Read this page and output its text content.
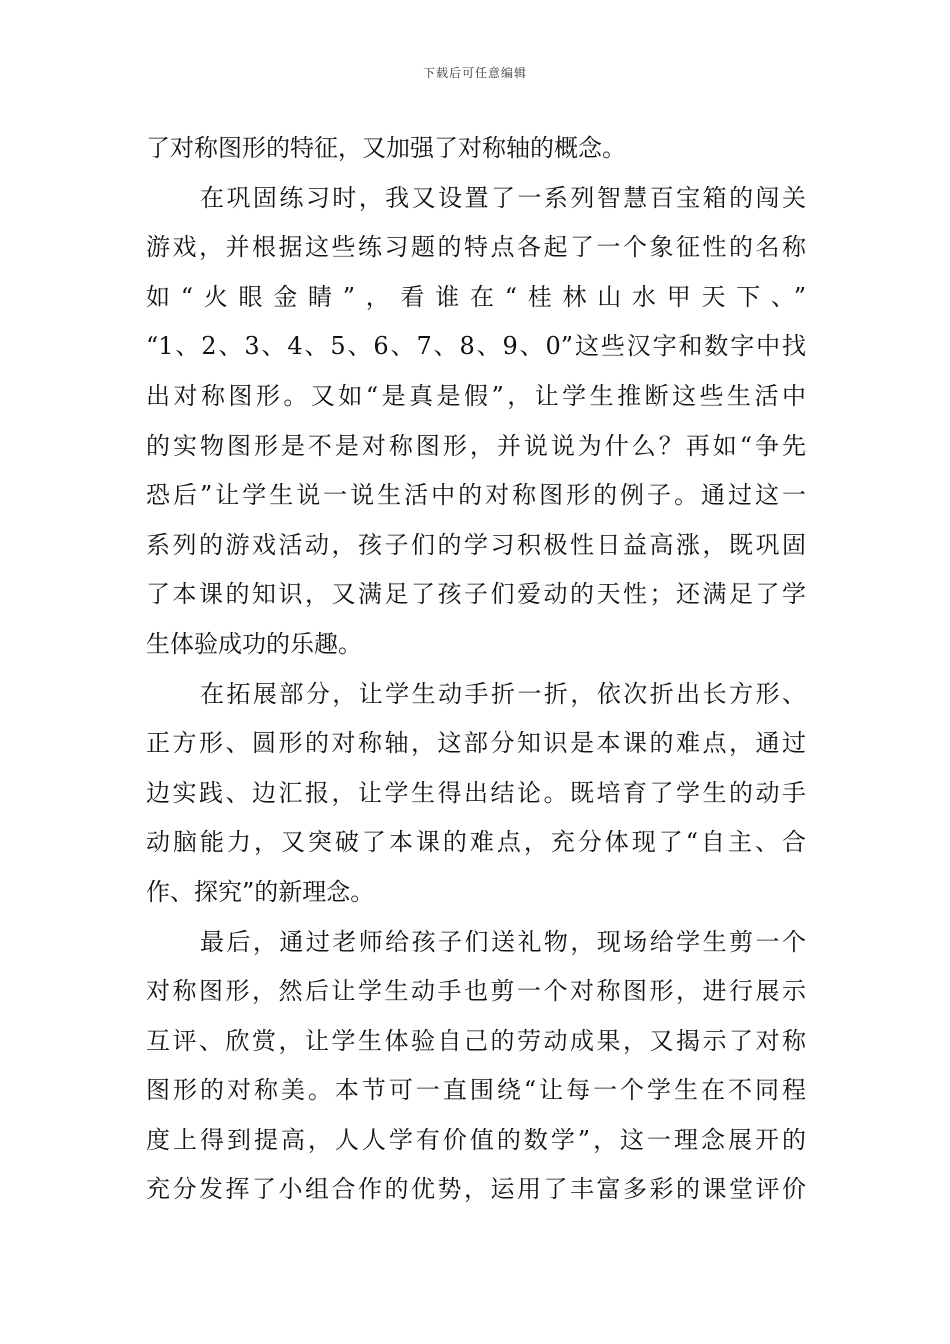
下载后可任意编辑
了对称图形的特征，又加强了对称轴的概念。
在巩固练习时，我又设置了一系列智慧百宝箱的闯关
游戏，并根据这些练习题的特点各起了一个象征性的名称
如“火眼金睛”，看谁在“桂林山水甲天下、”
“1、2、3、4、5、6、7、8、9、0”这些汉字和数字中找
出对称图形。又如“是真是假”，让学生推断这些生活中
的实物图形是不是对称图形，并说说为什么？再如“争先
恐后”让学生说一说生活中的对称图形的例子。通过这一
系列的游戏活动，孩子们的学习积极性日益高涨，既巩固
了本课的知识，又满足了孩子们爱动的天性；还满足了学
生体验成功的乐趣。
在拓展部分，让学生动手折一折，依次折出长方形、
正方形、圆形的对称轴，这部分知识是本课的难点，通过
边实践、边汇报，让学生得出结论。既培育了学生的动手
动脑能力，又突破了本课的难点，充分体现了“自主、合
作、探究”的新理念。
最后，通过老师给孩子们送礼物，现场给学生剪一个
对称图形，然后让学生动手也剪一个对称图形，进行展示
互评、欣赏，让学生体验自己的劳动成果，又揭示了对称
图形的对称美。本节可一直围绕“让每一个学生在不同程
度上得到提高，人人学有价值的数学”，这一理念展开的
充分发挥了小组合作的优势，运用了丰富多彩的课堂评价
